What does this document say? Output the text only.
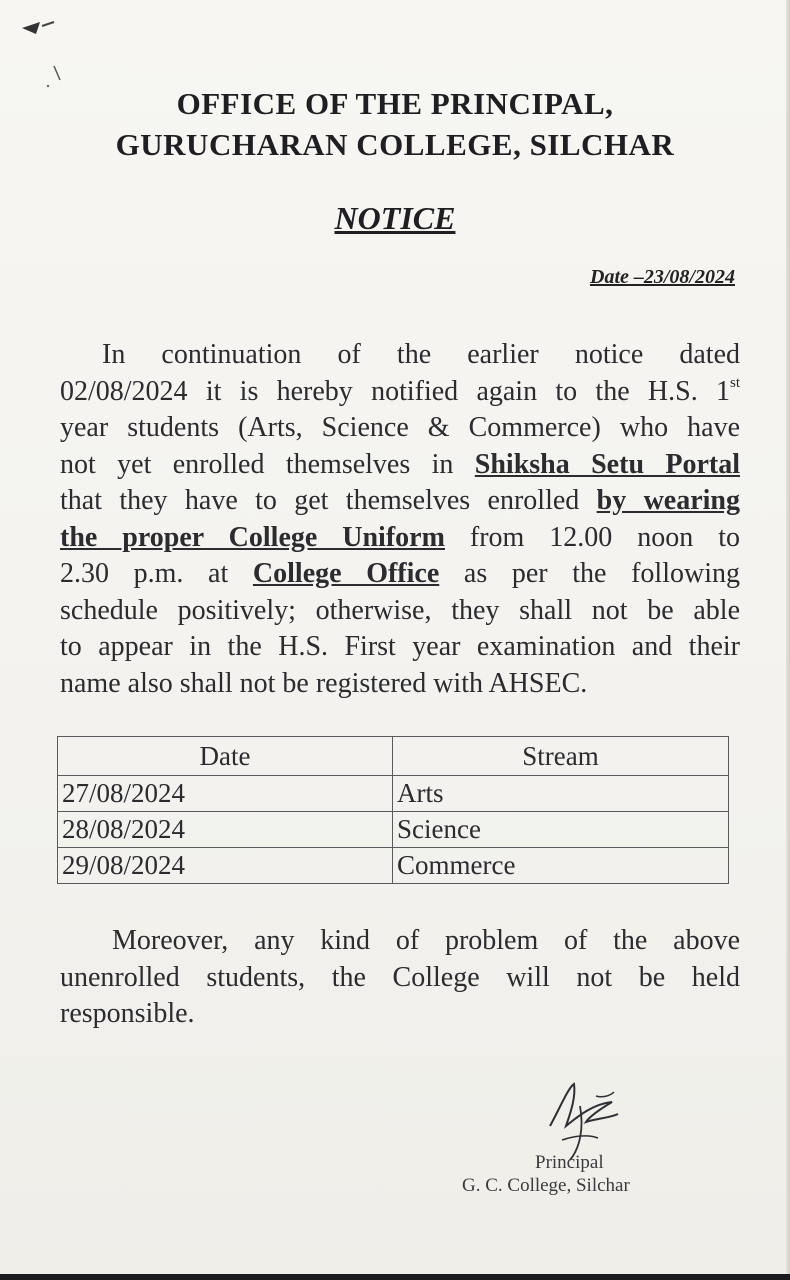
OFFICE OF THE PRINCIPAL,
GURUCHARAN COLLEGE, SILCHAR
NOTICE
Date –23/08/2024
In continuation of the earlier notice dated
02/08/2024 it is hereby notified again to the H.S. 1st
year students (Arts, Science & Commerce) who have
not yet enrolled themselves in Shiksha Setu Portal
that they have to get themselves enrolled by wearing
the proper College Uniform from 12.00 noon to
2.30 p.m. at College Office as per the following
schedule positively; otherwise, they shall not be able
to appear in the H.S. First year examination and their
name also shall not be registered with AHSEC.
Date	Stream
27/08/2024	Arts
28/08/2024	Science
29/08/2024	Commerce
Moreover, any kind of problem of the above
unenrolled students, the College will not be held
responsible.
Principal
G. C. College, Silchar
